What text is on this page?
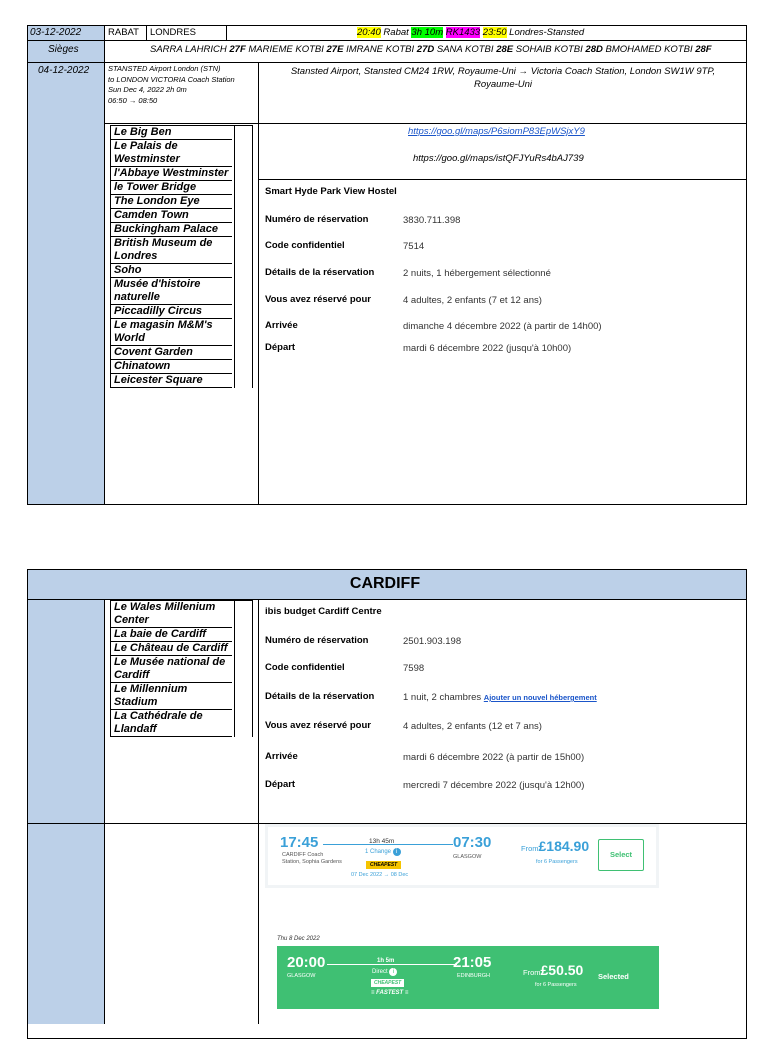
03-12-2022	RABAT LONDRES	20:40 Rabat 3h 10m RK1433 23:50 Londres-Stansted
Sièges	SARRA LAHRICH 27F MARIEME KOTBI 27E IMRANE KOTBI 27D SANA KOTBI 28E SOHAIB KOTBI 28D BMOHAMED KOTBI 28F
04-12-2022	STANSTED Airport London (STN)
to LONDON VICTORIA Coach Station
Sun Dec 4, 2022 2h 0m
06:50 → 08:50
Stansted Airport, Stansted CM24 1RW, Royaume-Uni → Victoria Coach Station, London SW1W 9TP,
Royaume-Uni
Le Big Ben
Le Palais de Westminster
l'Abbaye Westminster
le Tower Bridge
The London Eye
Camden Town
Buckingham Palace
British Museum de Londres
Soho
Musée d'histoire naturelle
Piccadilly Circus
Le magasin M&M's World
Covent Garden
Chinatown
Leicester Square
https://goo.gl/maps/P6siomP83EpWSjxY9
https://goo.gl/maps/istQFJYuRs4bAJ739
Smart Hyde Park View Hostel
Numéro de réservation	3830.711.398
Code confidentiel	7514
Détails de la réservation	2 nuits, 1 hébergement sélectionné
Vous avez réservé pour	4 adultes, 2 enfants (7 et 12 ans)
Arrivée	dimanche 4 décembre 2022 (à partir de 14h00)
Départ	mardi 6 décembre 2022 (jusqu'à 10h00)
CARDIFF
Le Wales Millenium Center
La baie de Cardiff
Le Château de Cardiff
Le Musée national de Cardiff
Le Millennium Stadium
La Cathédrale de Llandaff
ibis budget Cardiff Centre
Numéro de réservation	2501.903.198
Code confidentiel	7598
Détails de la réservation	1 nuit, 2 chambres Ajouter un nouvel hébergement
Vous avez réservé pour	4 adultes, 2 enfants (12 et 7 ans)
Arrivée	mardi 6 décembre 2022 (à partir de 15h00)
Départ	mercredi 7 décembre 2022 (jusqu'à 12h00)
17:45	13h 45m
1 Change i
CHEAPEST
07 Dec 2022 → 08 Dec
07:30
CARDIFF Coach Station, Sophia Gardens
GLASGOW
From£184.90
for 6 Passengers
Select
Thu 8 Dec 2022
20:00	1h 5m
Direct i
CHEAPEST
≡ FASTEST ≡
GLASGOW
21:05
EDINBURGH	From£50.50
for 6 Passengers
Selected
